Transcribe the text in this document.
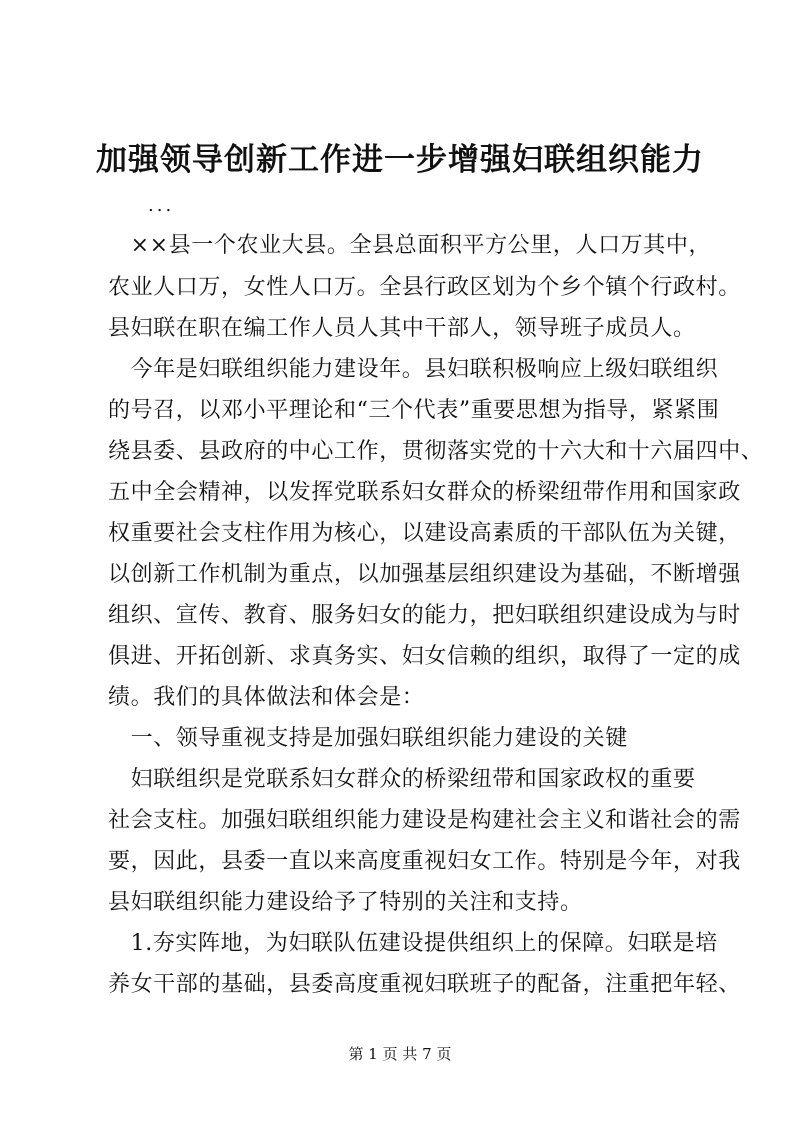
加强领导创新工作进一步增强妇联组织能力
...
　××县一个农业大县。全县总面积平方公里，人口万其中，
农业人口万，女性人口万。全县行政区划为个乡个镇个行政村。
县妇联在职在编工作人员人其中干部人，领导班子成员人。
　今年是妇联组织能力建设年。县妇联积极响应上级妇联组织
的号召，以邓小平理论和“三个代表”重要思想为指导，紧紧围
绕县委、县政府的中心工作，贯彻落实党的十六大和十六届四中、
五中全会精神，以发挥党联系妇女群众的桥梁纽带作用和国家政
权重要社会支柱作用为核心，以建设高素质的干部队伍为关键，
以创新工作机制为重点，以加强基层组织建设为基础，不断增强
组织、宣传、教育、服务妇女的能力，把妇联组织建设成为与时
俱进、开拓创新、求真务实、妇女信赖的组织，取得了一定的成
绩。我们的具体做法和体会是：
　一、领导重视支持是加强妇联组织能力建设的关键
　妇联组织是党联系妇女群众的桥梁纽带和国家政权的重要
社会支柱。加强妇联组织能力建设是构建社会主义和谐社会的需
要，因此，县委一直以来高度重视妇女工作。特别是今年，对我
县妇联组织能力建设给予了特别的关注和支持。
　1.夯实阵地，为妇联队伍建设提供组织上的保障。妇联是培
养女干部的基础，县委高度重视妇联班子的配备，注重把年轻、
第 1 页 共 7 页
